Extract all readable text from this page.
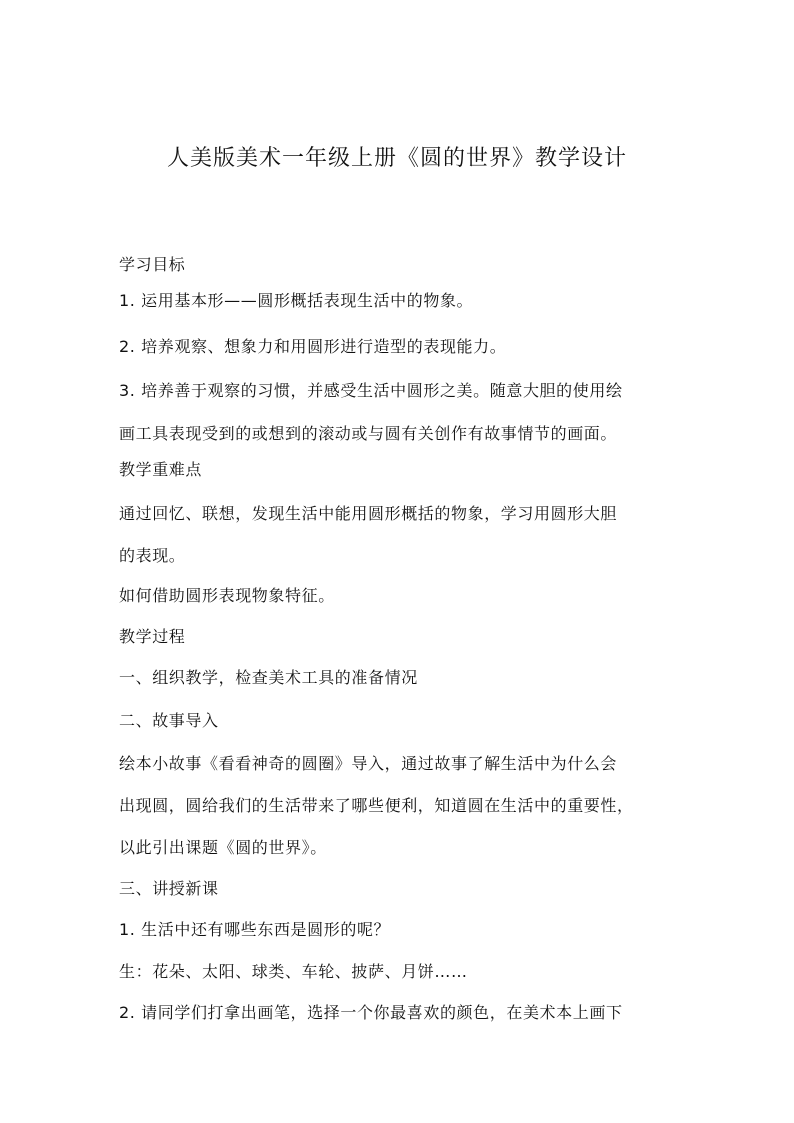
人美版美术一年级上册《圆的世界》教学设计
学习目标
1. 运用基本形——圆形概括表现生活中的物象。
2. 培养观察、想象力和用圆形进行造型的表现能力。
3. 培养善于观察的习惯，并感受生活中圆形之美。随意大胆的使用绘
画工具表现受到的或想到的滚动或与圆有关创作有故事情节的画面。
教学重难点
通过回忆、联想，发现生活中能用圆形概括的物象，学习用圆形大胆
的表现。
如何借助圆形表现物象特征。
教学过程
一、组织教学，检查美术工具的准备情况
二、故事导入
绘本小故事《看看神奇的圆圈》导入，通过故事了解生活中为什么会
出现圆，圆给我们的生活带来了哪些便利，知道圆在生活中的重要性，
以此引出课题《圆的世界》。
三、讲授新课
1. 生活中还有哪些东西是圆形的呢？
生：花朵、太阳、球类、车轮、披萨、月饼……
2. 请同学们打拿出画笔，选择一个你最喜欢的颜色，在美术本上画下
